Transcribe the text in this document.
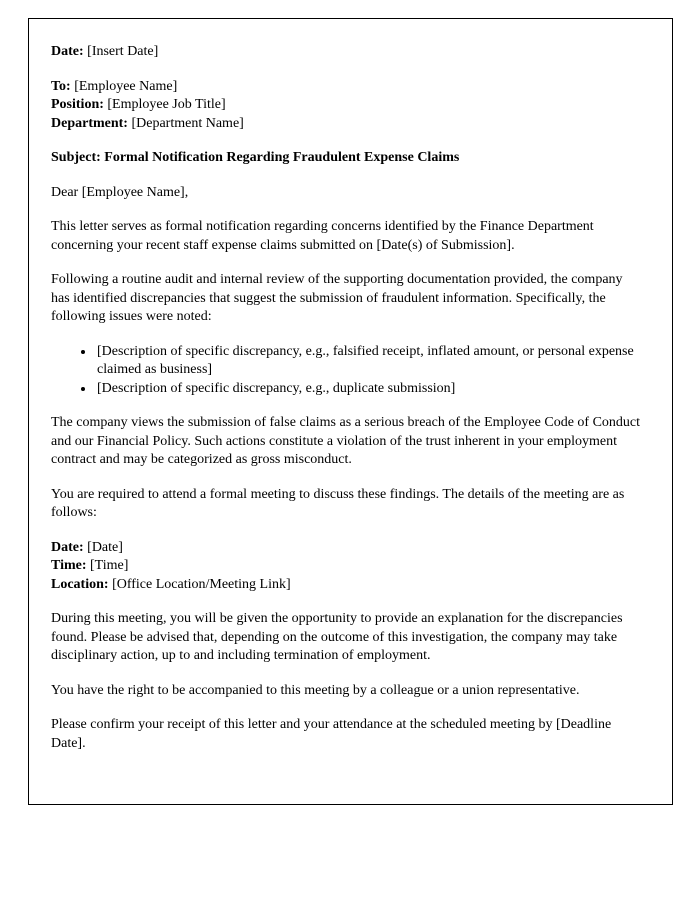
Date: [Insert Date]

To: [Employee Name]
Position: [Employee Job Title]
Department: [Department Name]

Subject: Formal Notification Regarding Fraudulent Expense Claims

Dear [Employee Name],

This letter serves as formal notification regarding concerns identified by the Finance Department concerning your recent staff expense claims submitted on [Date(s) of Submission].

Following a routine audit and internal review of the supporting documentation provided, the company has identified discrepancies that suggest the submission of fraudulent information. Specifically, the following issues were noted:

• [Description of specific discrepancy, e.g., falsified receipt, inflated amount, or personal expense claimed as business]
• [Description of specific discrepancy, e.g., duplicate submission]

The company views the submission of false claims as a serious breach of the Employee Code of Conduct and our Financial Policy. Such actions constitute a violation of the trust inherent in your employment contract and may be categorized as gross misconduct.

You are required to attend a formal meeting to discuss these findings. The details of the meeting are as follows:

Date: [Date]
Time: [Time]
Location: [Office Location/Meeting Link]

During this meeting, you will be given the opportunity to provide an explanation for the discrepancies found. Please be advised that, depending on the outcome of this investigation, the company may take disciplinary action, up to and including termination of employment.

You have the right to be accompanied to this meeting by a colleague or a union representative.

Please confirm your receipt of this letter and your attendance at the scheduled meeting by [Deadline Date].
